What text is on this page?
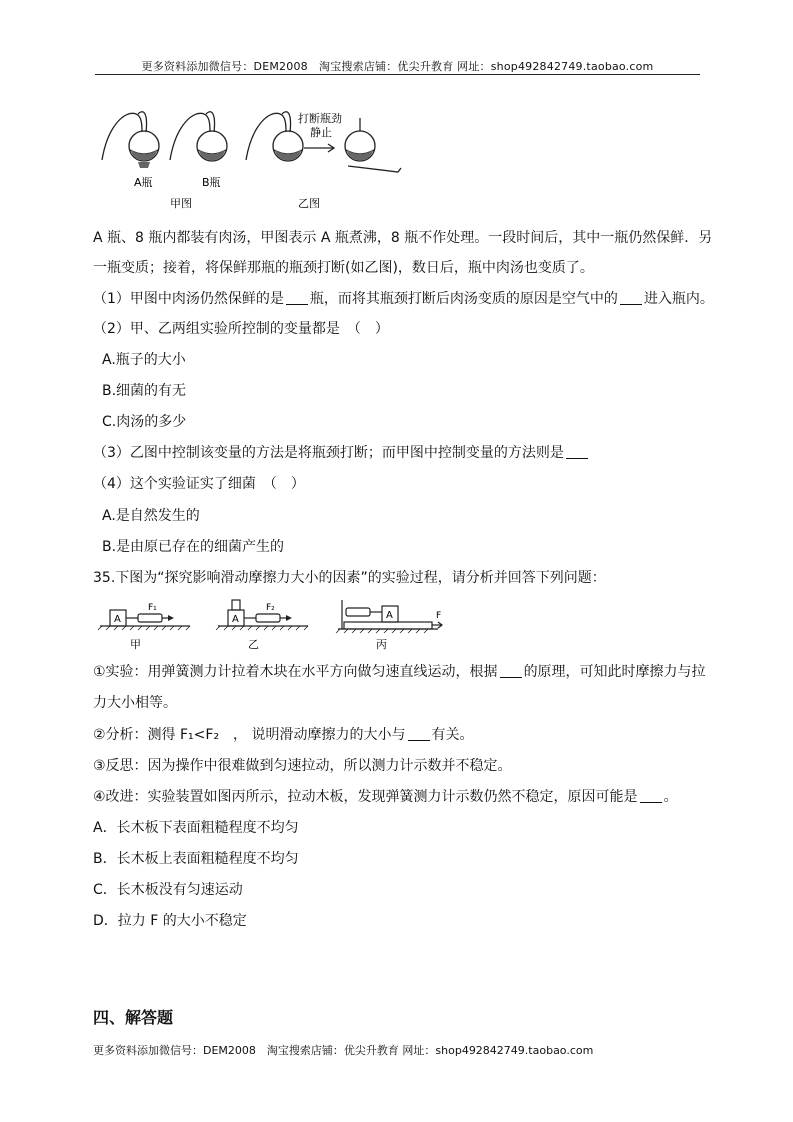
更多资料添加微信号：DEM2008　淘宝搜索店铺：优尖升教育 网址：shop492842749.taobao.com
A瓶	B瓶
甲图	乙图
打断瓶劲
静止
A 瓶、8 瓶内都装有肉汤，甲图表示 A 瓶煮沸，8 瓶不作处理。一段时间后，其中一瓶仍然保鲜．另
一瓶变质；接着，将保鲜那瓶的瓶颈打断(如乙图)，数日后，瓶中肉汤也变质了。
（1）甲图中肉汤仍然保鲜的是 瓶，而将其瓶颈打断后肉汤变质的原因是空气中的 进入瓶内。
（2）甲、乙两组实验所控制的变量都是　（　）
A.瓶子的大小
B.细菌的有无
C.肉汤的多少
（3）乙图中控制该变量的方法是将瓶颈打断；而甲图中控制变量的方法则是
（4）这个实验证实了细菌　（　）
A.是自然发生的
B.是由原已存在的细菌产生的
35.下图为“探究影响滑动摩擦力大小的因素”的实验过程，请分析并回答下列问题：
A	A	A
F₁	F₂
F
甲	乙	丙
①实验：用弹簧测力计拉着木块在水平方向做匀速直线运动，根据 的原理，可知此时摩擦力与拉
力大小相等。
②分析：测得 F₁<F₂　， 说明滑动摩擦力的大小与 有关。
③反思：因为操作中很难做到匀速拉动，所以测力计示数并不稳定。
④改进：实验装置如图丙所示，拉动木板，发现弹簧测力计示数仍然不稳定，原因可能是 。
A．长木板下表面粗糙程度不均匀
B．长木板上表面粗糙程度不均匀
C．长木板没有匀速运动
D．拉力 F 的大小不稳定
四、解答题
更多资料添加微信号：DEM2008　淘宝搜索店铺：优尖升教育 网址：shop492842749.taobao.com
